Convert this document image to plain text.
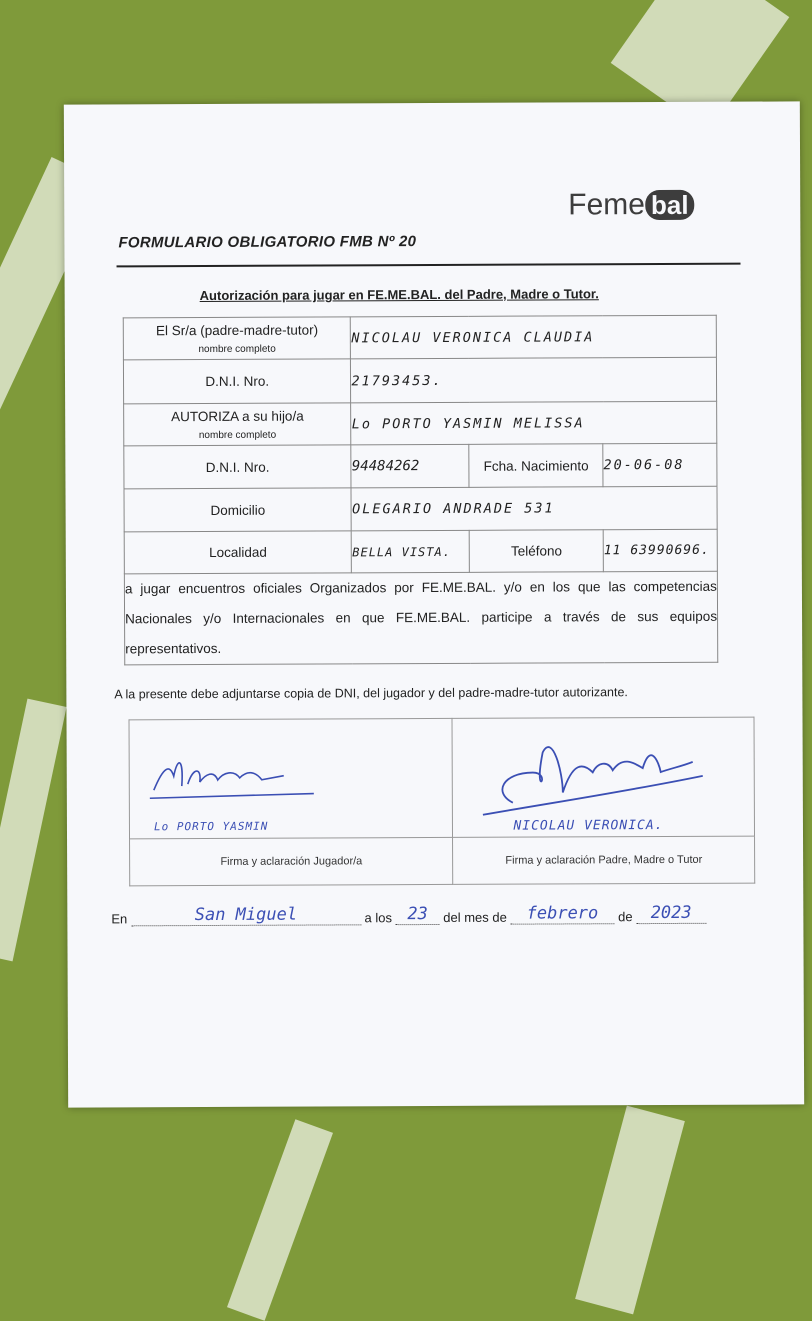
Feme bal
FORMULARIO OBLIGATORIO FMB Nº 20
Autorización para jugar en FE.ME.BAL. del Padre, Madre o Tutor.
El Sr/a (padre-madre-tutor)
nombre completo	NICOLAU VERONICA CLAUDIA		
D.N.I. Nro.	21793453.		
AUTORIZA a su hijo/a
nombre completo	Lo PORTO YASMIN MELISSA		
D.N.I. Nro.	94484262	Fcha. Nacimiento	20-06-08
Domicilio	OLEGARIO ANDRADE 531		
Localidad	BELLA VISTA.	Teléfono	11 63990696.
a jugar encuentros oficiales Organizados por FE.ME.BAL. y/o en los que las competencias Nacionales y/o Internacionales en que FE.ME.BAL. participe a través de sus equipos representativos.			
A la presente debe adjuntarse copia de DNI, del jugador y del padre-madre-tutor autorizante.
Lo PORTO YASMIN	NICOLAU VERONICA.

Firma y aclaración Jugador/a	Firma y aclaración Padre, Madre o Tutor
En	San Miguel	a los 23	del mes de	febrero	de	2023
